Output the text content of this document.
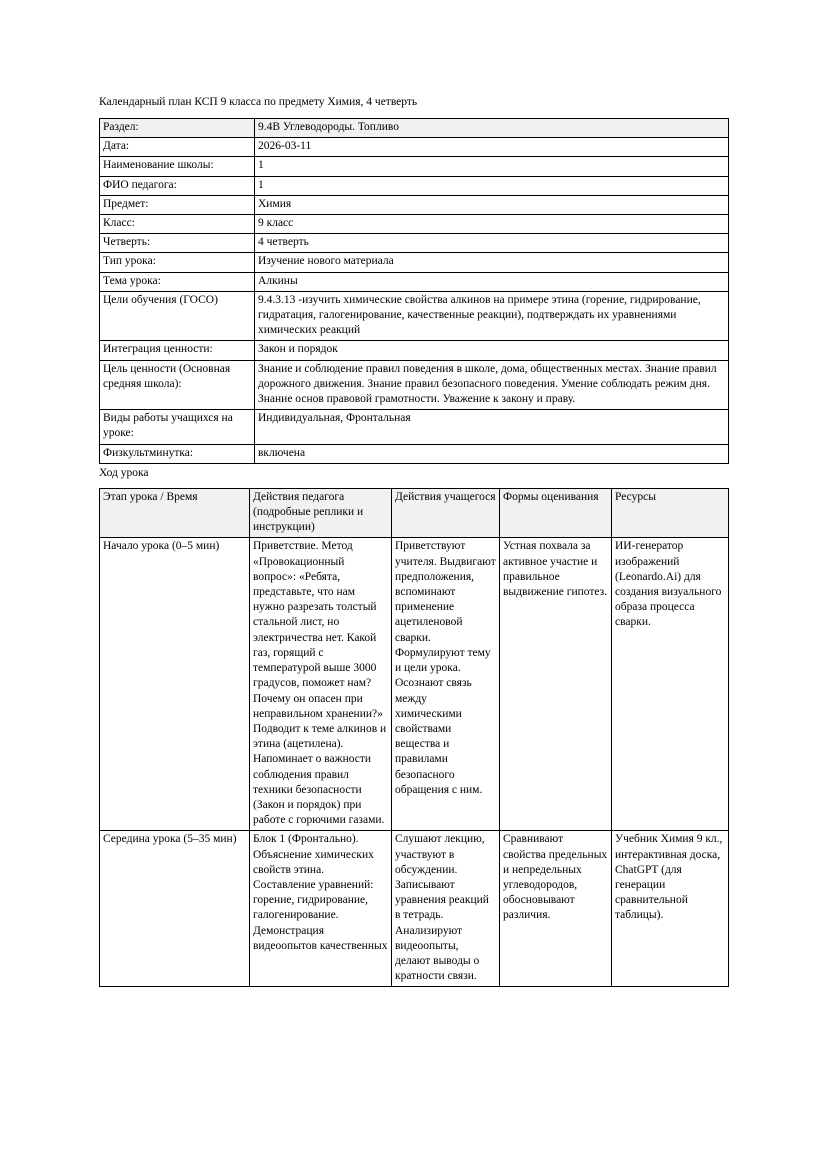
Календарный план КСП 9 класса по предмету Химия, 4 четверть

Раздел:	9.4В Углеводороды. Топливо
Дата:	2026-03-11
Наименование школы:	1
ФИО педагога:	1
Предмет:	Химия
Класс:	9 класс
Четверть:	4 четверть
Тип урока:	Изучение нового материала
Тема урока:	Алкины
Цели обучения (ГОСО)	9.4.3.13 -изучить химические свойства алкинов на примере этина (горение, гидрирование, гидратация, галогенирование, качественные реакции), подтверждать их уравнениями химических реакций
Интеграция ценности:	Закон и порядок
Цель ценности (Основная средняя школа):	Знание и соблюдение правил поведения в школе, дома, общественных местах. Знание правил дорожного движения. Знание правил безопасного поведения. Умение соблюдать режим дня. Знание основ правовой грамотности. Уважение к закону и праву.
Виды работы учащихся на уроке:	Индивидуальная, Фронтальная
Физкультминутка:	включена

Ход урока

Этап урока / Время	Действия педагога (подробные реплики и инструкции)	Действия учащегося	Формы оценивания	Ресурсы
Начало урока (0–5 мин)	Приветствие. Метод «Провокационный вопрос»: «Ребята, представьте, что нам нужно разрезать толстый стальной лист, но электричества нет. Какой газ, горящий с температурой выше 3000 градусов, поможет нам? Почему он опасен при неправильном хранении?» Подводит к теме алкинов и этина (ацетилена). Напоминает о важности соблюдения правил техники безопасности (Закон и порядок) при работе с горючими газами.	Приветствуют учителя. Выдвигают предположения, вспоминают применение ацетиленовой сварки. Формулируют тему и цели урока. Осознают связь между химическими свойствами вещества и правилами безопасного обращения с ним.	Устная похвала за активное участие и правильное выдвижение гипотез.	ИИ-генератор изображений (Leonardo.Ai) для создания визуального образа процесса сварки.
Середина урока (5–35 мин)	Блок 1 (Фронтально). Объяснение химических свойств этина. Составление уравнений: горение, гидрирование, галогенирование. Демонстрация видеоопытов качественных	Слушают лекцию, участвуют в обсуждении. Записывают уравнения реакций в тетрадь. Анализируют видеоопыты, делают выводы о кратности связи.	Сравнивают свойства предельных и непредельных углеводородов, обосновывают различия.	Учебник Химия 9 кл., интерактивная доска, ChatGPT (для генерации сравнительной таблицы).
